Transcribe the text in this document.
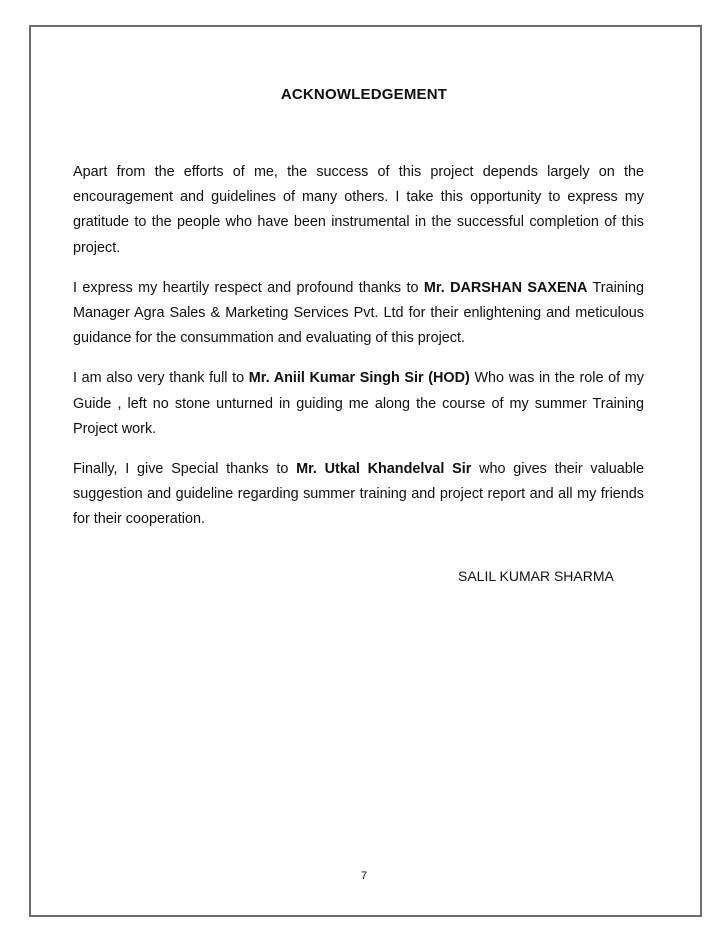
ACKNOWLEDGEMENT

Apart from the efforts of me, the success of this project depends largely on the encouragement and guidelines of many others. I take this opportunity to express my gratitude to the people who have been instrumental in the successful completion of this project.

I express my heartily respect and profound thanks to Mr. DARSHAN SAXENA Training Manager Agra Sales & Marketing Services Pvt. Ltd for their enlightening and meticulous guidance for the consummation and evaluating of this project.

I am also very thank full to Mr. Aniil Kumar Singh Sir (HOD) Who was in the role of my Guide , left no stone unturned in guiding me along the course of my summer Training Project work.

Finally, I give Special thanks to Mr. Utkal Khandelval Sir who gives their valuable suggestion and guideline regarding summer training and project report and all my friends for their cooperation.

SALIL KUMAR SHARMA
7
